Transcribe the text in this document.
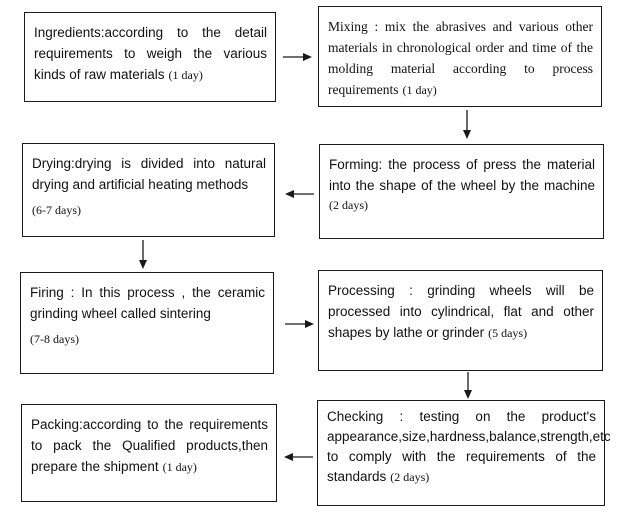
Ingredients:according to the detail requirements to weigh the various kinds of raw materials (1 day)
Mixing : mix the abrasives and various other materials in chronological order and time of the molding material according to process requirements (1 day)
Drying:drying is divided into natural drying and artificial heating methods
(6-7 days)
Forming: the process of press the material into the shape of the wheel by the machine (2 days)
Firing : In this process , the ceramic grinding wheel called sintering
(7-8 days)
Processing : grinding wheels will be processed into cylindrical, flat and other shapes by lathe or grinder (5 days)
Packing:according to the requirements to pack the Qualified products,then prepare the shipment (1 day)
Checking : testing on the product's appearance,size,hardness,balance,strength,etc to comply with the requirements of the standards (2 days)
